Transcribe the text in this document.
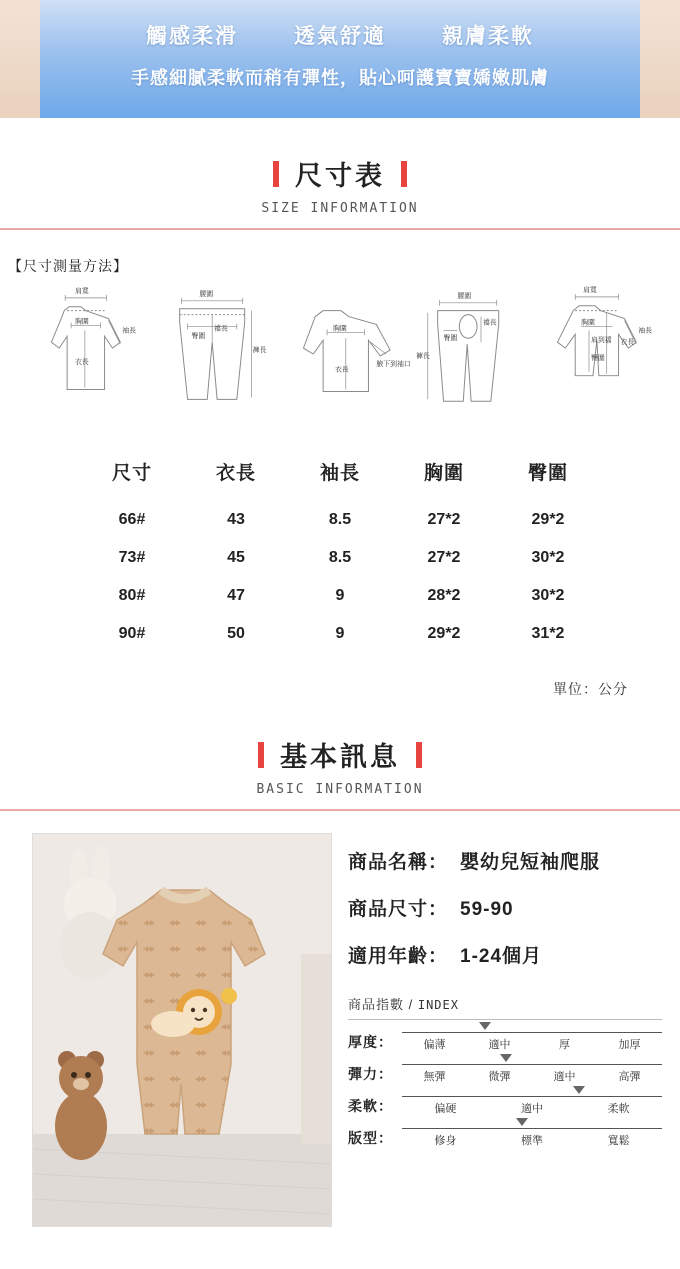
觸感柔滑	透氣舒適	親膚柔軟
手感細膩柔軟而稍有彈性，貼心呵護寶寶嬌嫩肌膚
尺寸表
SIZE INFORMATION
【尺寸測量方法】
肩寬
袖長
胸圍
衣長
腰圍
臀圍
襠長
褲長
胸圍
衣長
腋下到袖口
腰圍
臀圍
襠長
褲長
肩寬
袖長
胸圍
衣長
肩到襠
臀圍
尺寸	衣長	袖長	胸圍	臀圍
66#	43	8.5	27*2	29*2
73#	45	8.5	27*2	30*2
80#	47	9	28*2	30*2
90#	50	9	29*2	31*2
單位：公分
基本訊息
BASIC INFORMATION
商品名稱： 嬰幼兒短袖爬服
商品尺寸： 59-90
適用年齡： 1-24個月
商品指數 / INDEX
厚度：	偏薄	適中	厚	加厚
彈力：	無彈	微彈	適中	高彈
柔軟：	偏硬	適中	柔軟
版型：	修身	標準	寬鬆
